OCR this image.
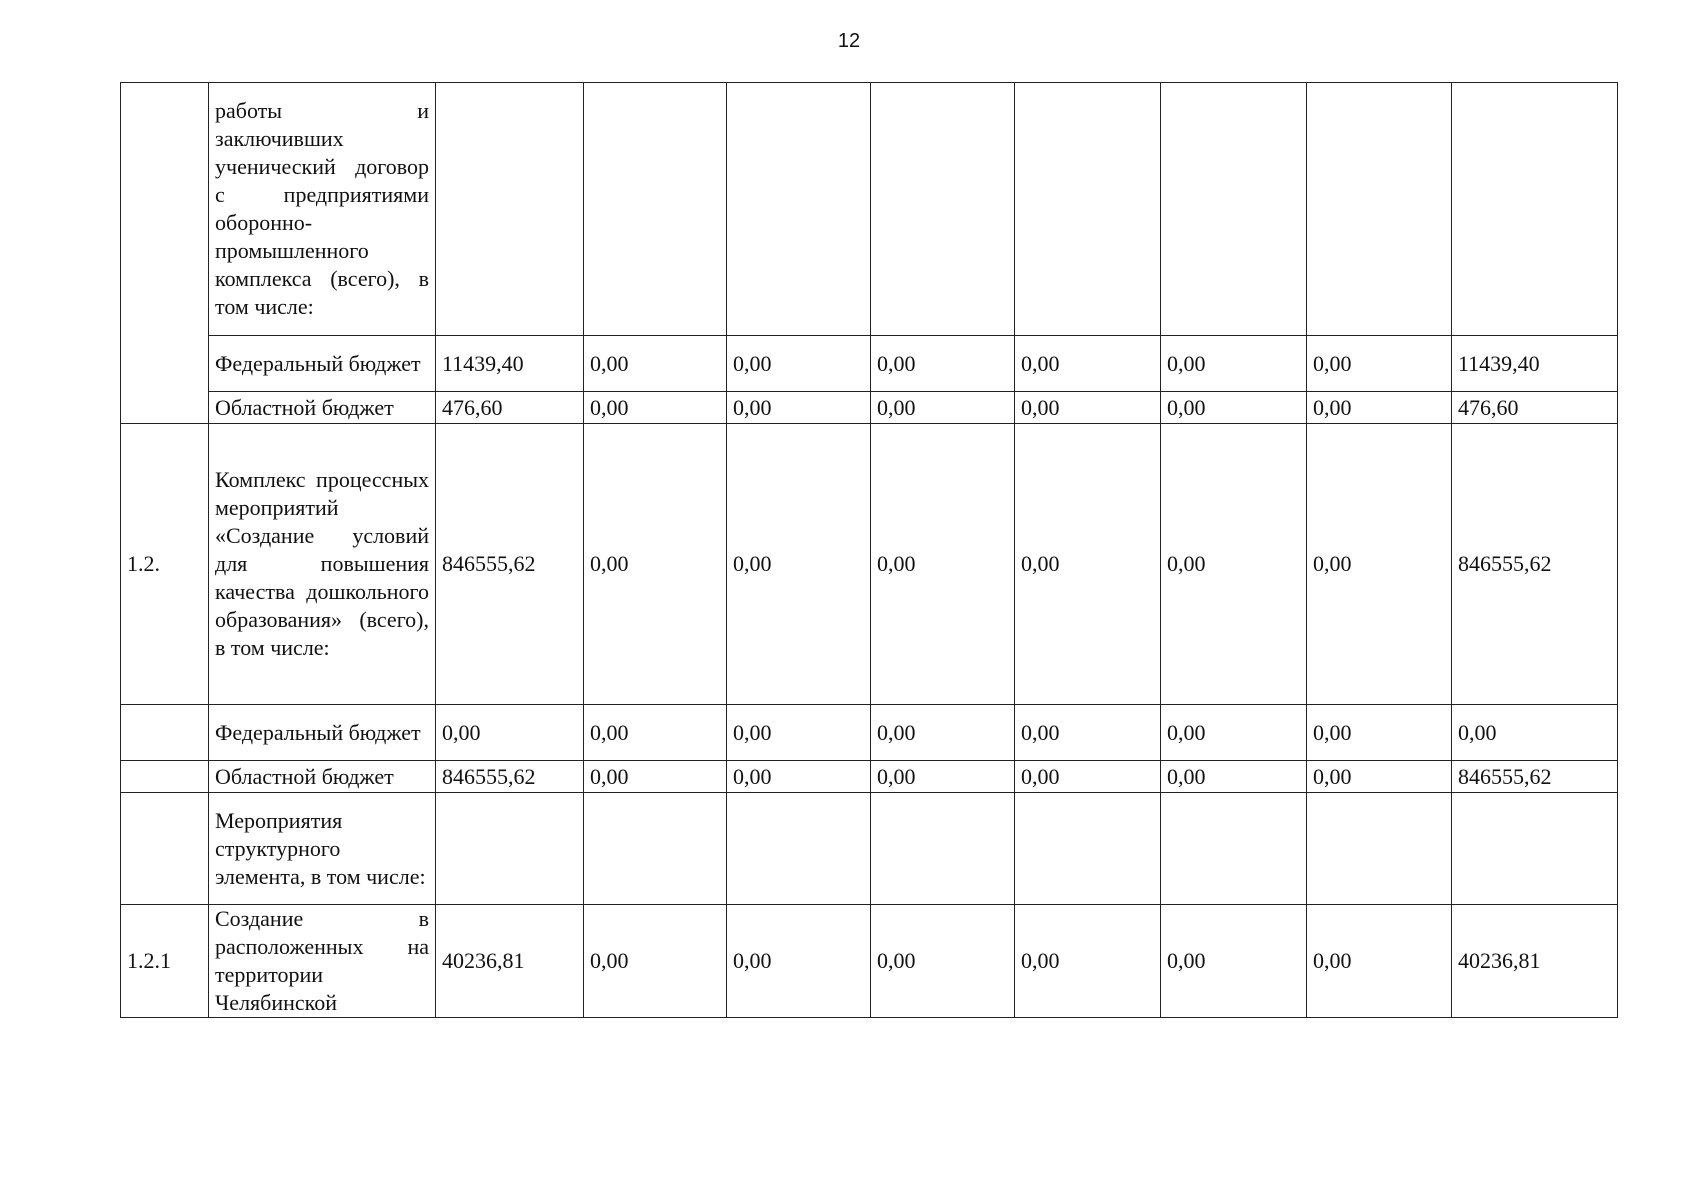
12
	работы и заключивших ученический договор с предприятиями оборонно-промышленного комплекса (всего), в том числе:								
	Федеральный бюджет	11439,40	0,00	0,00	0,00	0,00	0,00	0,00	11439,40
	Областной бюджет	476,60	0,00	0,00	0,00	0,00	0,00	0,00	476,60
1.2.	Комплекс процессных мероприятий «Создание условий для повышения качества дошкольного образования» (всего), в том числе:	846555,62	0,00	0,00	0,00	0,00	0,00	0,00	846555,62
	Федеральный бюджет	0,00	0,00	0,00	0,00	0,00	0,00	0,00	0,00
	Областной бюджет	846555,62	0,00	0,00	0,00	0,00	0,00	0,00	846555,62
	Мероприятия структурного элемента, в том числе:								
1.2.1	Создание в расположенных на территории Челябинской	40236,81	0,00	0,00	0,00	0,00	0,00	0,00	40236,81
